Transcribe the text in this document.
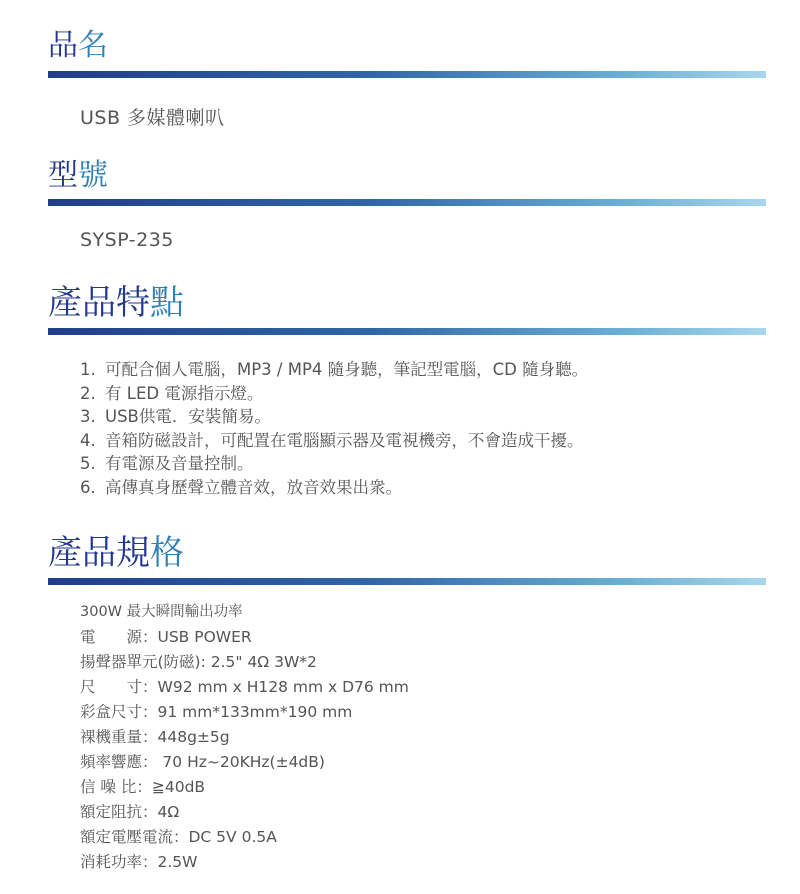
品名
USB 多媒體喇叭
型號
SYSP-235
產品特點
1. 可配合個人電腦，MP3 / MP4 隨身聽，筆記型電腦，CD 隨身聽。
2. 有 LED 電源指示燈。
3. USB供電．安裝簡易。
4. 音箱防磁設計，可配置在電腦顯示器及電視機旁，不會造成干擾。
5. 有電源及音量控制。
6. 高傳真身歷聲立體音效，放音效果出衆。
產品規格
300W 最大瞬間輸出功率
電　　源：USB POWER
揚聲器單元(防磁): 2.5" 4Ω 3W*2
尺　　寸：W92 mm x H128 mm x D76 mm
彩盒尺寸：91 mm*133mm*190 mm
裸機重量：448g±5g
頻率響應： 70 Hz~20KHz(±4dB)
信 噪 比：≧40dB
額定阻抗：4Ω
額定電壓電流：DC 5V 0.5A
消耗功率：2.5W
